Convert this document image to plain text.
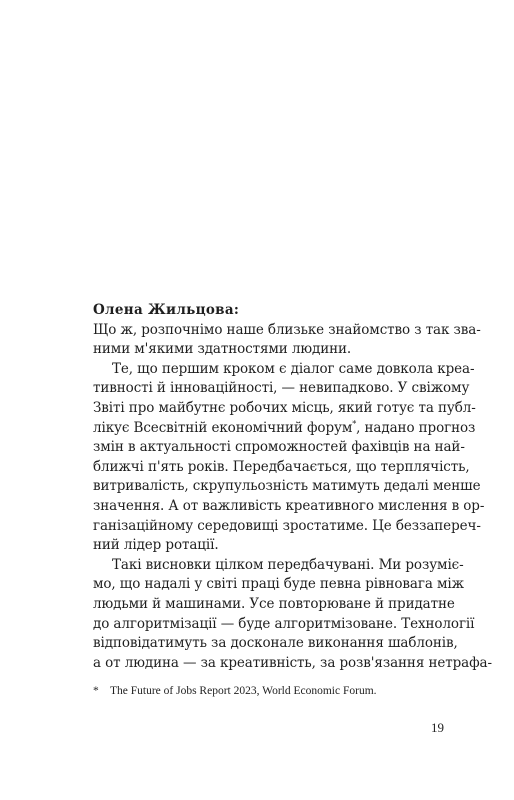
Олена Жильцова:
Що ж, розпочнімо наше близьке знайомство з так зва-
ними м'якими здатностями людини.
Те, що першим кроком є діалог саме довкола креа-
тивності й інноваційності, — невипадково. У свіжому
Звіті про майбутнє робочих місць, який готує та публ-
лікує Всесвітній економічний форум*, надано прогноз
змін в актуальності спроможностей фахівців на най-
ближчі п'ять років. Передбачається, що терплячість,
витривалість, скрупульозність матимуть дедалі менше
значення. А от важливість креативного мислення в ор-
ганізаційному середовищі зростатиме. Це беззапереч-
ний лідер ротації.
Такі висновки цілком передбачувані. Ми розуміє-
мо, що надалі у світі праці буде певна рівновага між
людьми й машинами. Усе повторюване й придатне
до алгоритмізації — буде алгоритмізоване. Технології
відповідатимуть за досконале виконання шаблонів,
а от людина — за креативність, за розв'язання нетрафа-
* The Future of Jobs Report 2023, World Economic Forum.
19
